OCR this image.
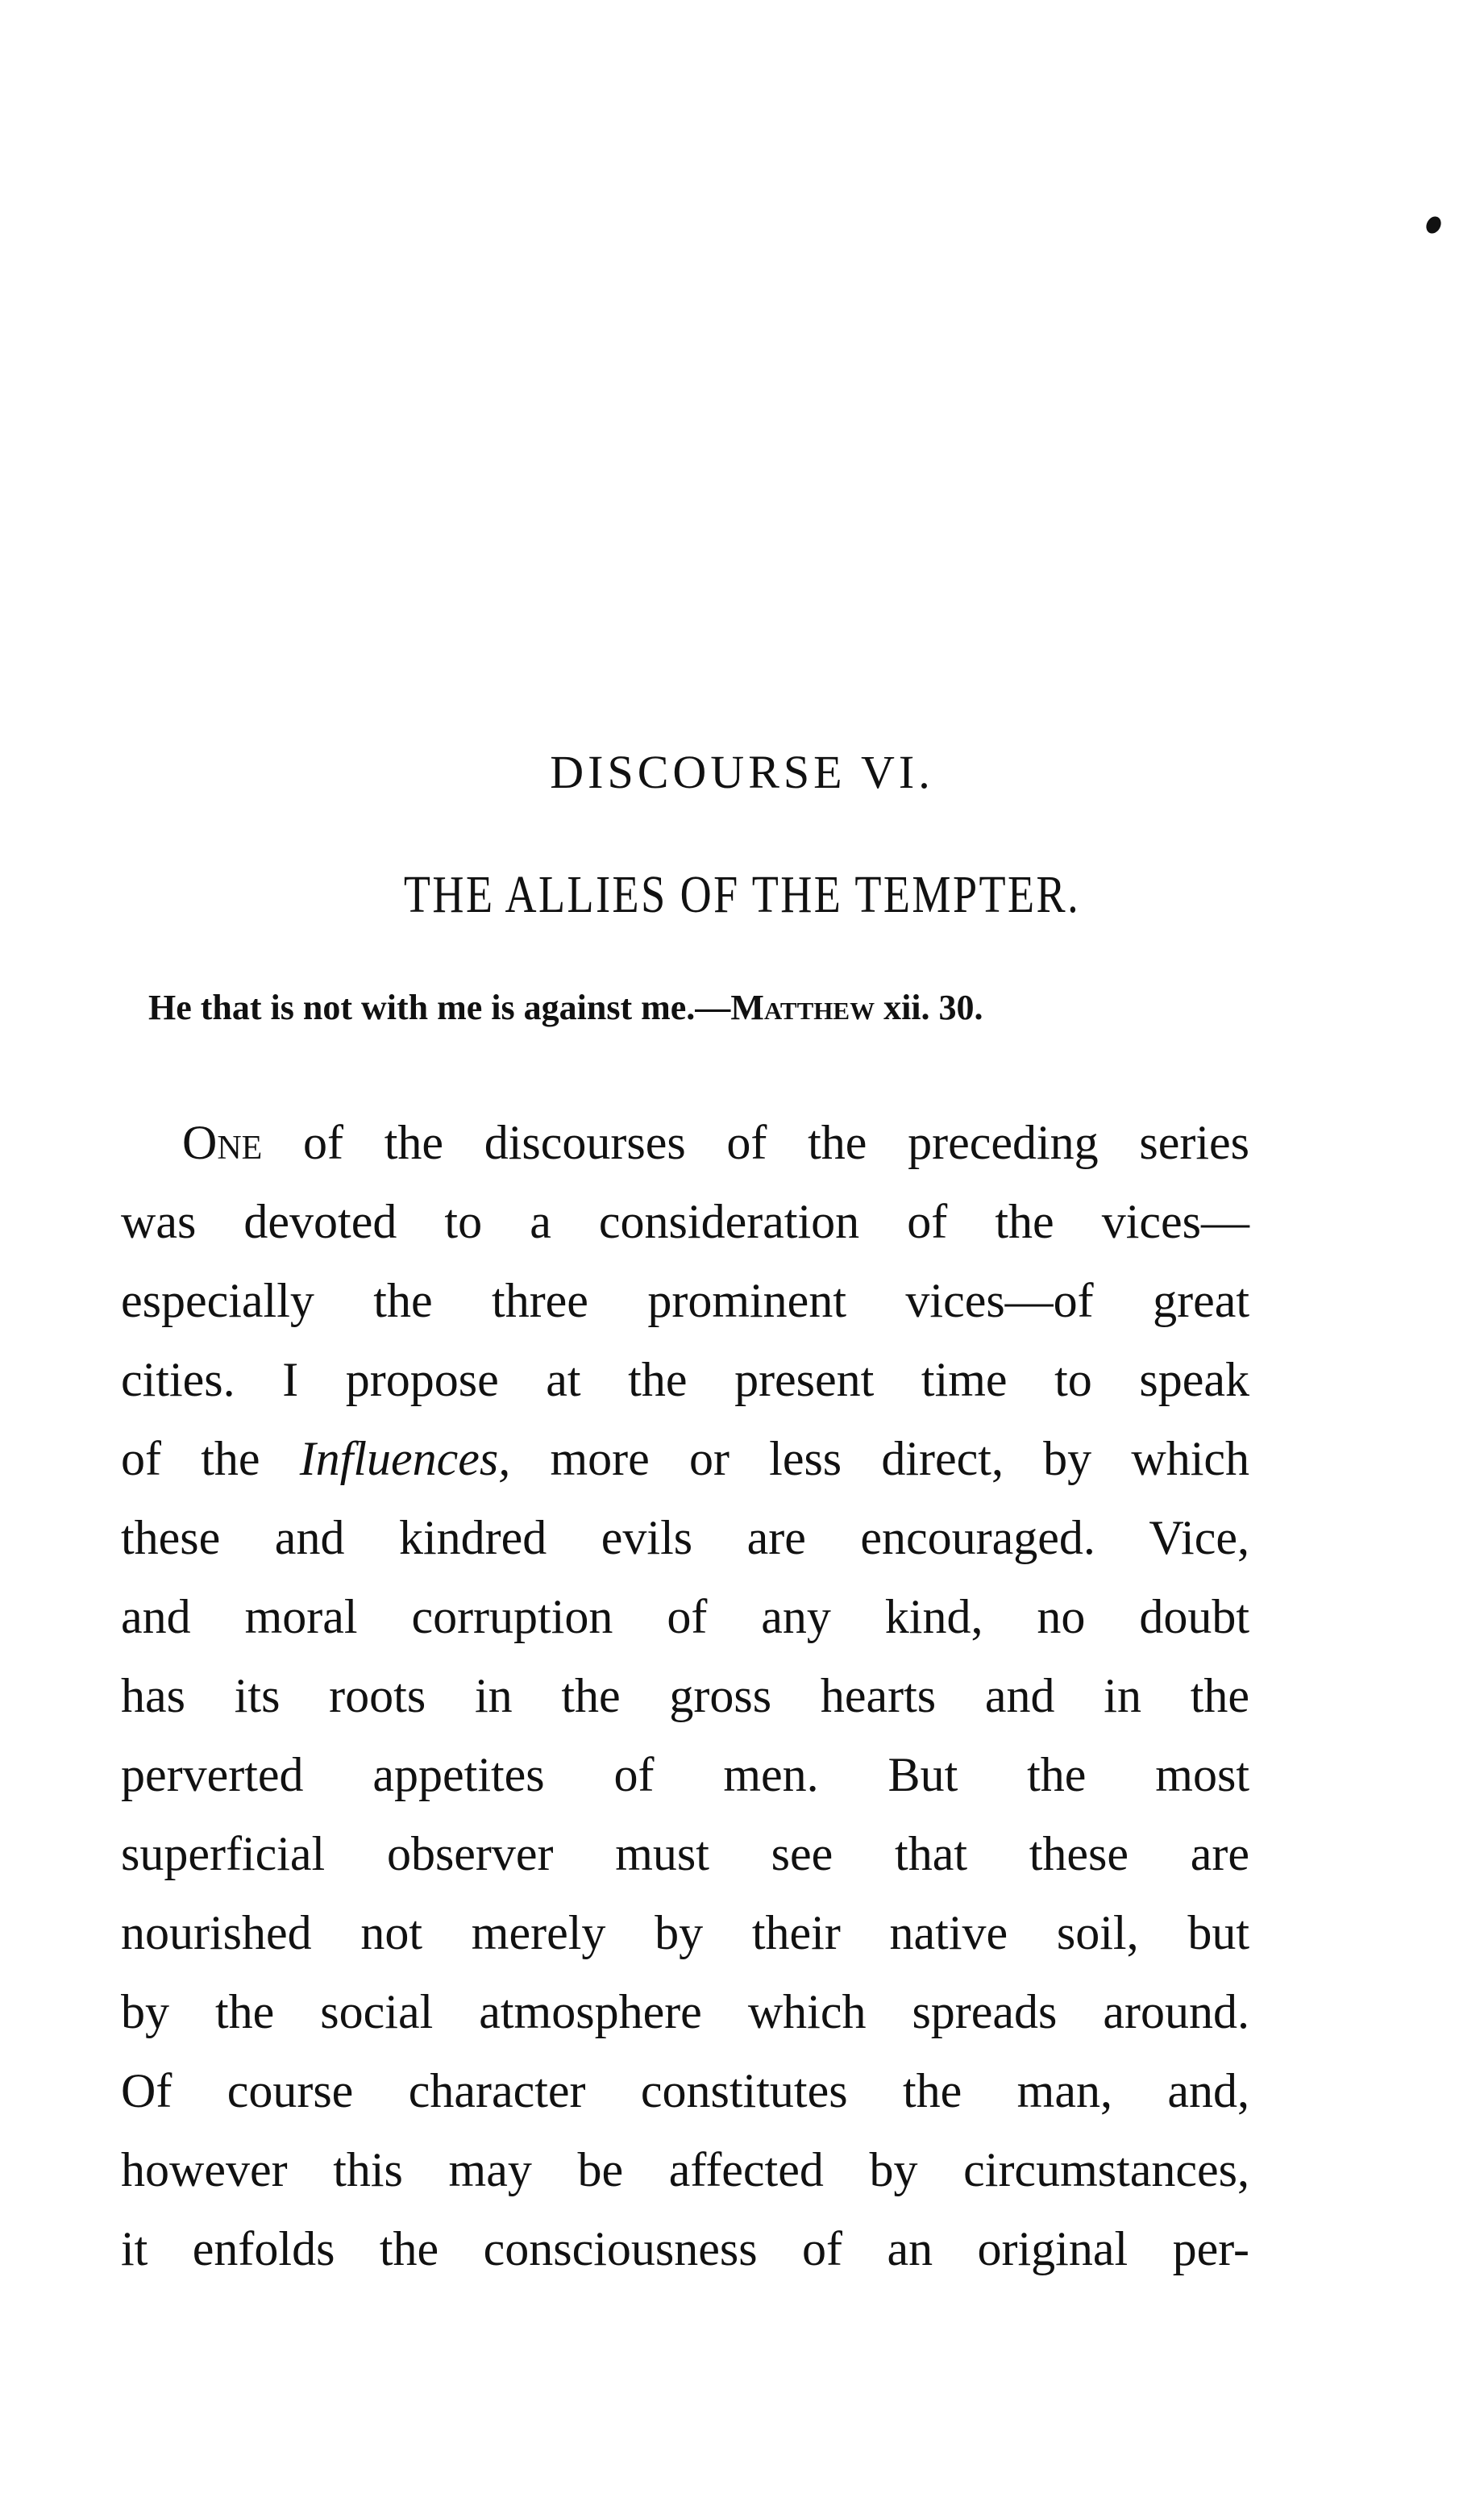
DISCOURSE VI.
THE ALLIES OF THE TEMPTER.
He that is not with me is against me.—Matthew xii. 30.
One of the discourses of the preceding series
was devoted to a consideration of the vices—
especially the three prominent vices—of great
cities. I propose at the present time to speak
of the Influences, more or less direct, by which
these and kindred evils are encouraged. Vice,
and moral corruption of any kind, no doubt
has its roots in the gross hearts and in the
perverted appetites of men. But the most
superficial observer must see that these are
nourished not merely by their native soil, but
by the social atmosphere which spreads around.
Of course character constitutes the man, and,
however this may be affected by circumstances,
it enfolds the consciousness of an original per-
